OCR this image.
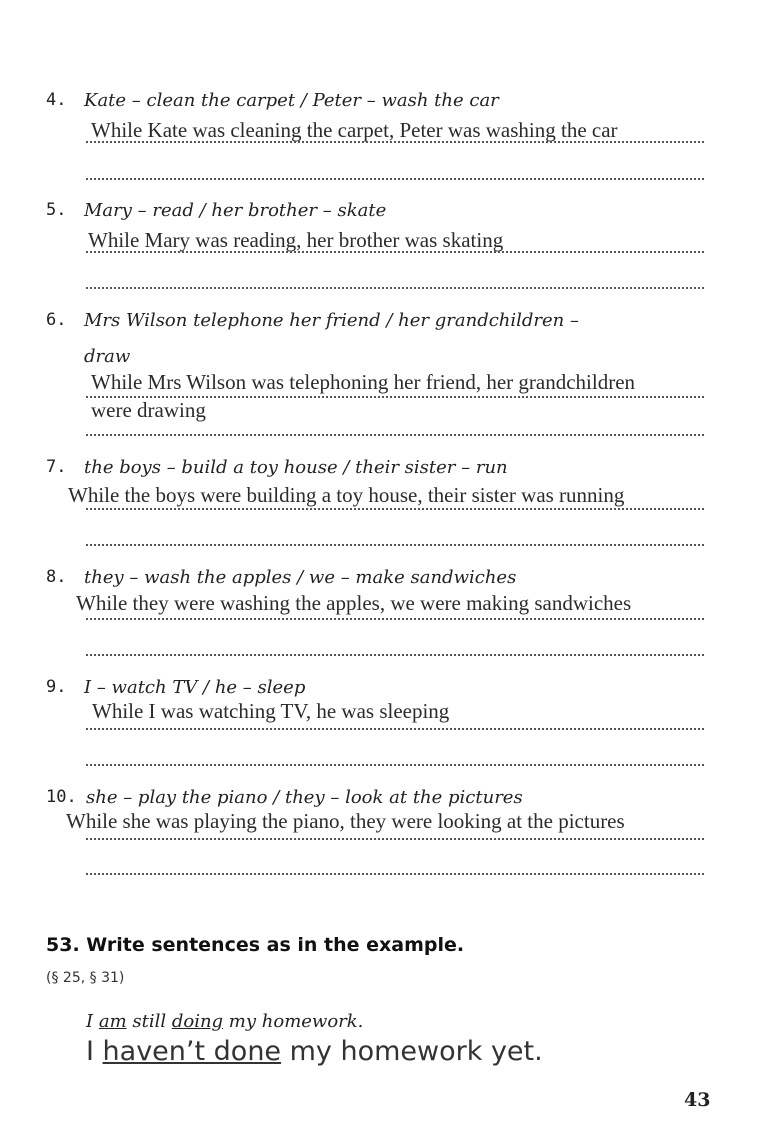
4. Kate – clean the carpet / Peter – wash the car
While Kate was cleaning the carpet, Peter was washing the car
5. Mary – read / her brother – skate
While Mary was reading, her brother was skating
6. Mrs Wilson telephone her friend / her grandchildren –
draw
While Mrs Wilson was telephoning her friend, her grandchildren
were drawing
7. the boys – build a toy house / their sister – run
While the boys were building a toy house, their sister was running
8. they – wash the apples / we – make sandwiches
While they were washing the apples, we were making sandwiches
9. I – watch TV / he – sleep
While I was watching TV, he was sleeping
10. she – play the piano / they – look at the pictures
While she was playing the piano, they were looking at the pictures
53. Write sentences as in the example.
(§ 25, § 31)
I am still doing my homework.
I haven’t done my homework yet.
43
